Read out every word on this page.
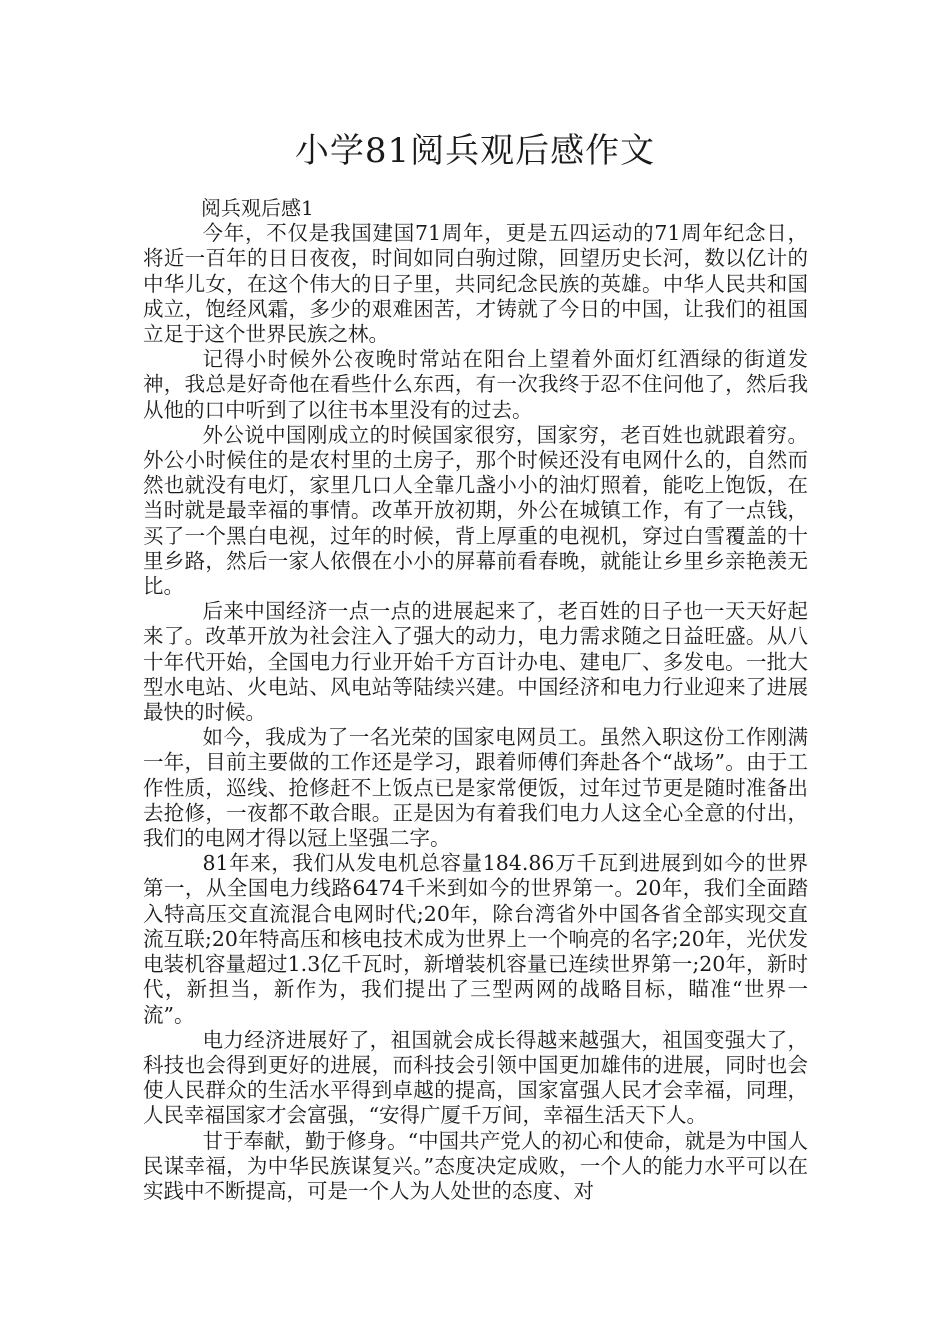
小学81阅兵观后感作文

阅兵观后感1

今年，不仅是我国建国71周年，更是五四运动的71周年纪念日，将近一百年的日日夜夜，时间如同白驹过隙，回望历史长河，数以亿计的中华儿女，在这个伟大的日子里，共同纪念民族的英雄。中华人民共和国成立，饱经风霜，多少的艰难困苦，才铸就了今日的中国，让我们的祖国立足于这个世界民族之林。

记得小时候外公夜晚时常站在阳台上望着外面灯红酒绿的街道发神，我总是好奇他在看些什么东西，有一次我终于忍不住问他了，然后我从他的口中听到了以往书本里没有的过去。

外公说中国刚成立的时候国家很穷，国家穷，老百姓也就跟着穷。外公小时候住的是农村里的土房子，那个时候还没有电网什么的，自然而然也就没有电灯，家里几口人全靠几盏小小的油灯照着，能吃上饱饭，在当时就是最幸福的事情。改革开放初期，外公在城镇工作，有了一点钱，买了一个黑白电视，过年的时候，背上厚重的电视机，穿过白雪覆盖的十里乡路，然后一家人依偎在小小的屏幕前看春晚，就能让乡里乡亲艳羡无比。

后来中国经济一点一点的进展起来了，老百姓的日子也一天天好起来了。改革开放为社会注入了强大的动力，电力需求随之日益旺盛。从八十年代开始，全国电力行业开始千方百计办电、建电厂、多发电。一批大型水电站、火电站、风电站等陆续兴建。中国经济和电力行业迎来了进展最快的时候。

如今，我成为了一名光荣的国家电网员工。虽然入职这份工作刚满一年，目前主要做的工作还是学习，跟着师傅们奔赴各个“战场”。由于工作性质，巡线、抢修赶不上饭点已是家常便饭，过年过节更是随时准备出去抢修，一夜都不敢合眼。正是因为有着我们电力人这全心全意的付出，我们的电网才得以冠上坚强二字。

81年来，我们从发电机总容量184.86万千瓦到进展到如今的世界第一，从全国电力线路6474千米到如今的世界第一。20年，我们全面踏入特高压交直流混合电网时代;20年，除台湾省外中国各省全部实现交直流互联;20年特高压和核电技术成为世界上一个响亮的名字;20年，光伏发电装机容量超过1.3亿千瓦时，新增装机容量已连续世界第一;20年，新时代，新担当，新作为，我们提出了三型两网的战略目标，瞄准“世界一流”。

电力经济进展好了，祖国就会成长得越来越强大，祖国变强大了，科技也会得到更好的进展，而科技会引领中国更加雄伟的进展，同时也会使人民群众的生活水平得到卓越的提高，国家富强人民才会幸福，同理，人民幸福国家才会富强，“安得广厦千万间，幸福生活天下人。

甘于奉献，勤于修身。“中国共产党人的初心和使命，就是为中国人民谋幸福，为中华民族谋复兴。”态度决定成败，一个人的能力水平可以在实践中不断提高，可是一个人为人处世的态度、对
